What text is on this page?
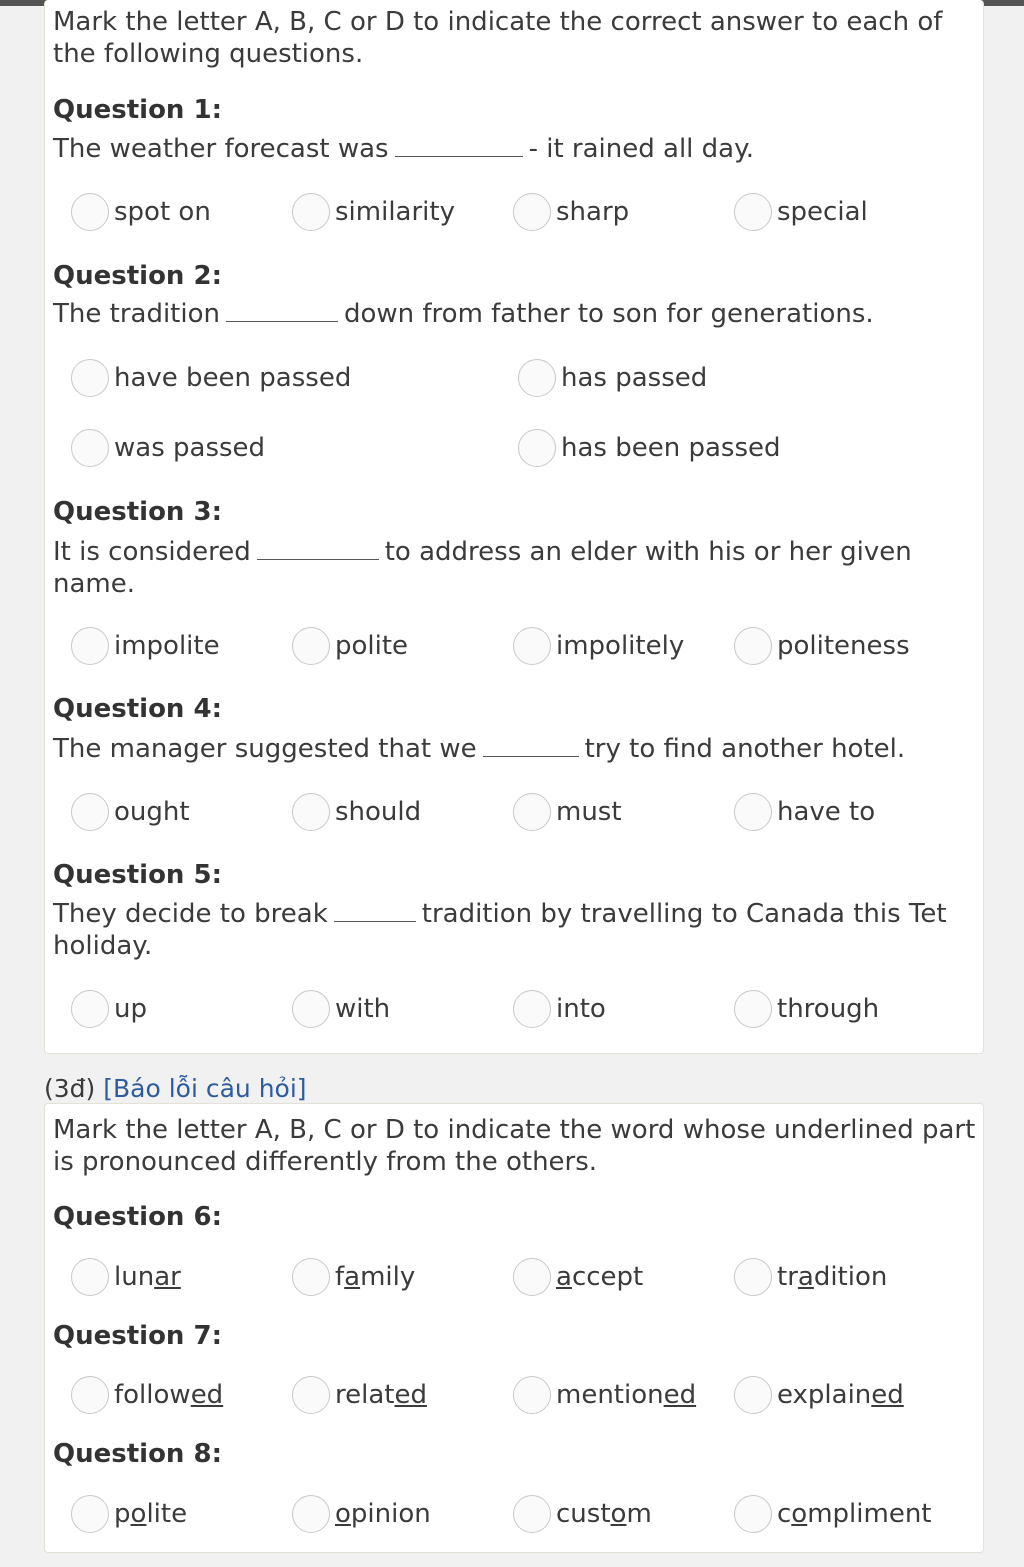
Mark the letter A, B, C or D to indicate the correct answer to each of the following questions.
Question 1:
The weather forecast was	- it rained all day.
spot on	similarity	sharp	special
Question 2:
The tradition	down from father to son for generations.
have been passed	has passed
was passed	has been passed
Question 3:
It is considered	to address an elder with his or her given name.
impolite	polite	impolitely	politeness
Question 4:
The manager suggested that we	try to find another hotel.
ought	should	must	have to
Question 5:
They decide to break	tradition by travelling to Canada this Tet holiday.
up	with	into	through
(3đ) [Báo lỗi câu hỏi]
Mark the letter A, B, C or D to indicate the word whose underlined part is pronounced differently from the others.
Question 6:
lunar	family	accept	tradition
Question 7:
followed	related	mentioned	explained
Question 8:
polite	opinion	custom	compliment
